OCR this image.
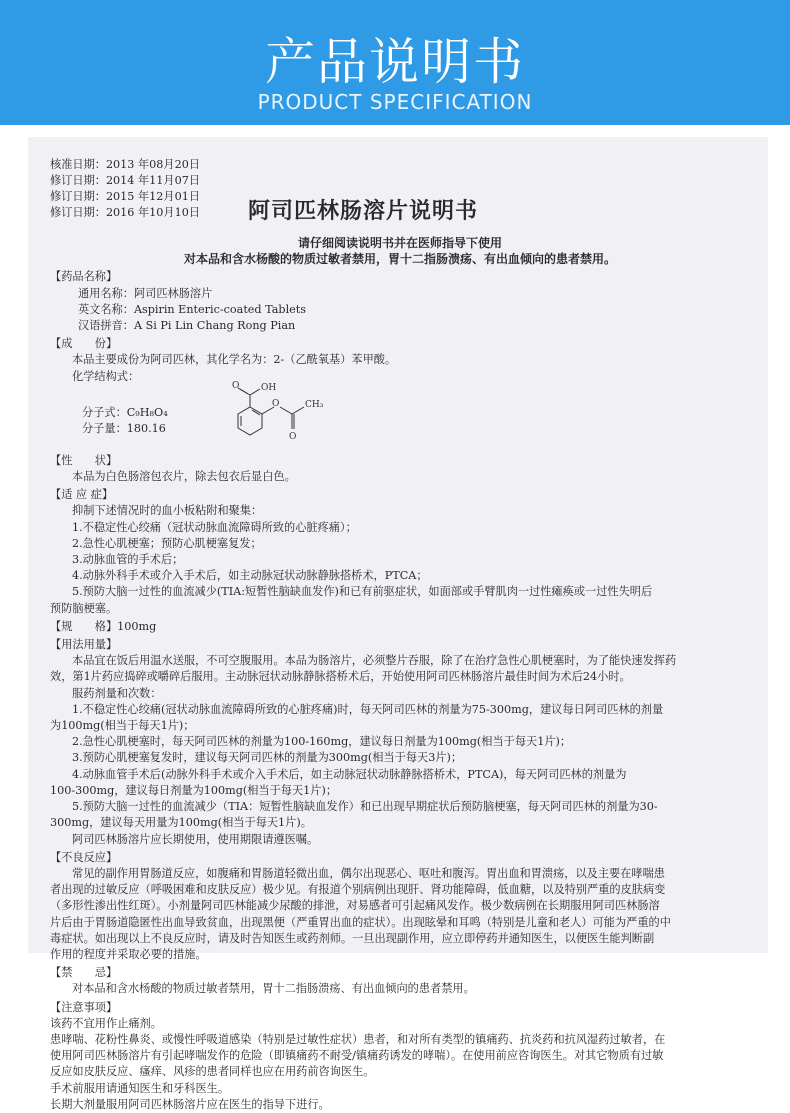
产品说明书
PRODUCT SPECIFICATION
阿司匹林肠溶片说明书
核准日期：2013 年08月20日
修订日期：2014 年11月07日
修订日期：2015 年12月01日
修订日期：2016 年10月10日
请仔细阅读说明书并在医师指导下使用
对本品和含水杨酸的物质过敏者禁用，胃十二指肠溃疡、有出血倾向的患者禁用。
【药品名称】
通用名称：阿司匹林肠溶片
英文名称：Aspirin Enteric-coated Tablets
汉语拼音：A Si Pi Lin Chang Rong Pian
【成　　份】
本品主要成份为阿司匹林，其化学名为：2-（乙酰氧基）苯甲酸。
化学结构式：
分子式：C₉H₈O₄
分子量：180.16
O OH
O
O
CH₃
【性　　状】
本品为白色肠溶包衣片，除去包衣后显白色。
【适 应 症】
抑制下述情况时的血小板粘附和聚集：
1.不稳定性心绞痛（冠状动脉血流障碍所致的心脏疼痛）；
2.急性心肌梗塞；预防心肌梗塞复发；
3.动脉血管的手术后；
4.动脉外科手术或介入手术后，如主动脉冠状动脉静脉搭桥术，PTCA；
5.预防大脑一过性的血流减少(TIA:短暂性脑缺血发作)和已有前驱症状，如面部或手臂肌肉一过性瘫痪或一过性失明后
预防脑梗塞。
【规　　格】100mg
【用法用量】
本品宜在饭后用温水送服，不可空腹服用。本品为肠溶片，必须整片吞服，除了在治疗急性心肌梗塞时，为了能快速发挥药
效，第1片药应捣碎或嚼碎后服用。主动脉冠状动脉静脉搭桥术后，开始使用阿司匹林肠溶片最佳时间为术后24小时。
服药剂量和次数：
1.不稳定性心绞痛(冠状动脉血流障碍所致的心脏疼痛)时，每天阿司匹林的剂量为75-300mg，建议每日阿司匹林的剂量
为100mg(相当于每天1片)；
2.急性心肌梗塞时，每天阿司匹林的剂量为100-160mg，建议每日剂量为100mg(相当于每天1片)；
3.预防心肌梗塞复发时，建议每天阿司匹林的剂量为300mg(相当于每天3片)；
4.动脉血管手术后(动脉外科手术或介入手术后，如主动脉冠状动脉静脉搭桥术，PTCA)，每天阿司匹林的剂量为
100-300mg，建议每日剂量为100mg(相当于每天1片)；
5.预防大脑一过性的血流减少（TIA：短暂性脑缺血发作）和已出现早期症状后预防脑梗塞，每天阿司匹林的剂量为30-
300mg，建议每天用量为100mg(相当于每天1片)。
阿司匹林肠溶片应长期使用，使用期限请遵医嘱。
【不良反应】
常见的副作用胃肠道反应，如腹痛和胃肠道轻微出血，偶尔出现恶心、呕吐和腹泻。胃出血和胃溃疡，以及主要在哮喘患
者出现的过敏反应（呼吸困难和皮肤反应）极少见。有报道个别病例出现肝、肾功能障碍，低血糖，以及特别严重的皮肤病变
（多形性渗出性红斑）。小剂量阿司匹林能减少尿酸的排泄，对易感者可引起痛风发作。极少数病例在长期服用阿司匹林肠溶
片后由于胃肠道隐匿性出血导致贫血，出现黑便（严重胃出血的症状）。出现眩晕和耳鸣（特别是儿童和老人）可能为严重的中
毒症状。如出现以上不良反应时，请及时告知医生或药剂师。一旦出现副作用，应立即停药并通知医生，以便医生能判断副
作用的程度并采取必要的措施。
【禁　　忌】
对本品和含水杨酸的物质过敏者禁用，胃十二指肠溃疡、有出血倾向的患者禁用。
【注意事项】
该药不宜用作止痛剂。
患哮喘、花粉性鼻炎、或慢性呼吸道感染（特别是过敏性症状）患者，和对所有类型的镇痛药、抗炎药和抗风湿药过敏者，在
使用阿司匹林肠溶片有引起哮喘发作的危险（即镇痛药不耐受/镇痛药诱发的哮喘）。在使用前应咨询医生。对其它物质有过敏
反应如皮肤反应、瘙痒、风疹的患者同样也应在用药前咨询医生。
手术前服用请通知医生和牙科医生。
长期大剂量服用阿司匹林肠溶片应在医生的指导下进行。
